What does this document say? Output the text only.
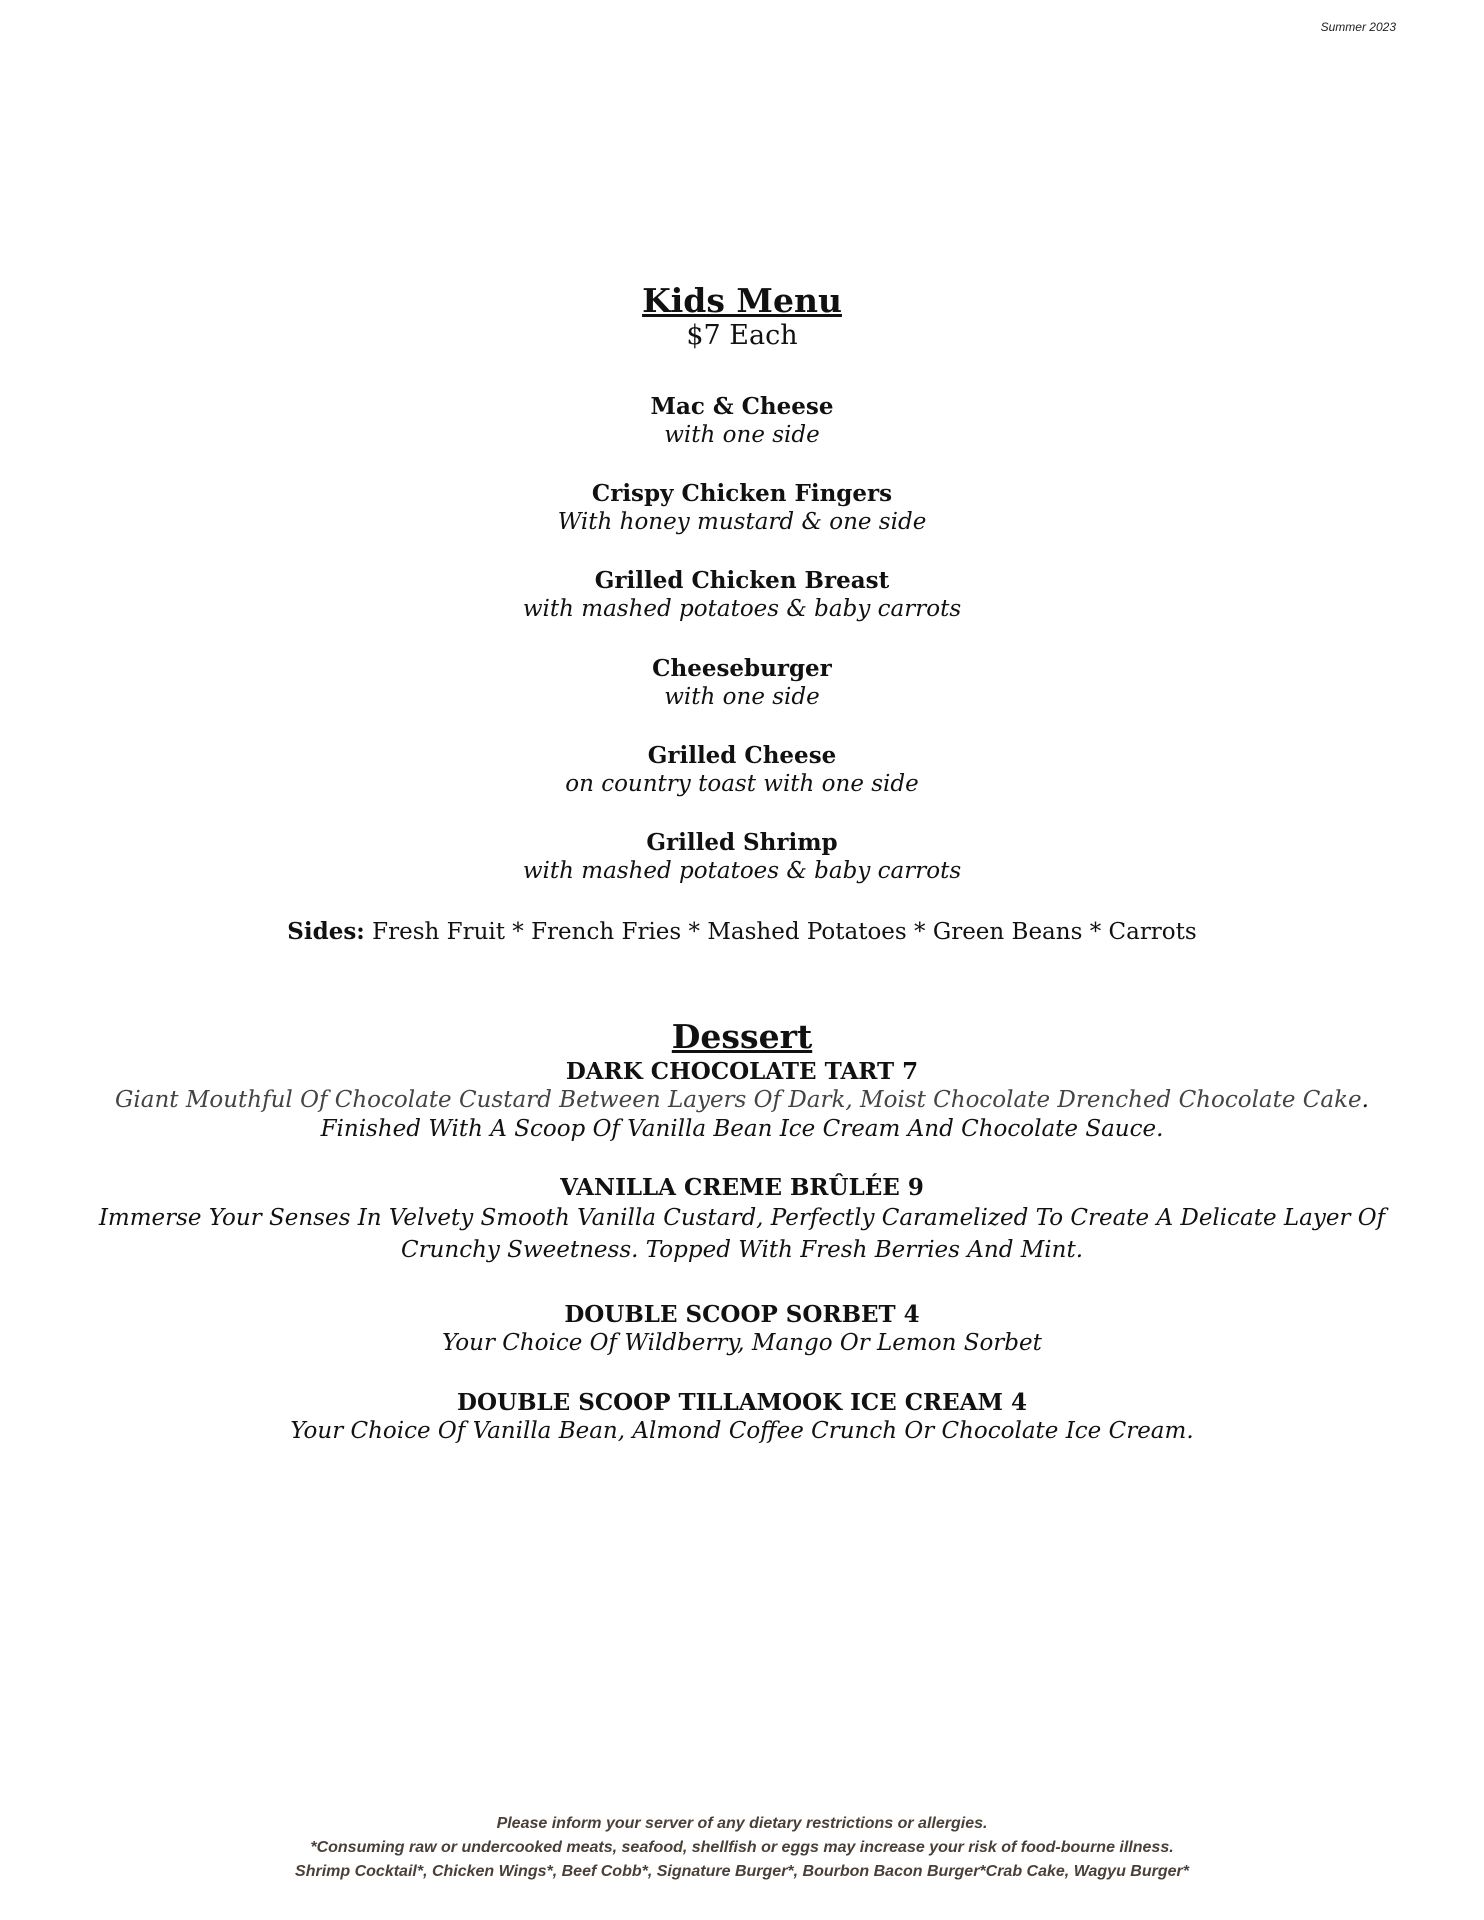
Summer 2023
Kids Menu
$7 Each
Mac & Cheese
with one side
Crispy Chicken Fingers
With honey mustard & one side
Grilled Chicken Breast
with mashed potatoes & baby carrots
Cheeseburger
with one side
Grilled Cheese
on country toast with one side
Grilled Shrimp
with mashed potatoes & baby carrots
Sides: Fresh Fruit * French Fries * Mashed Potatoes * Green Beans * Carrots
Dessert
DARK CHOCOLATE TART 7
Giant Mouthful Of Chocolate Custard Between Layers Of Dark, Moist Chocolate Drenched Chocolate Cake. Finished With A Scoop Of Vanilla Bean Ice Cream And Chocolate Sauce.
VANILLA CREME BRÛLÉE 9
Immerse Your Senses In Velvety Smooth Vanilla Custard, Perfectly Caramelized To Create A Delicate Layer Of Crunchy Sweetness. Topped With Fresh Berries And Mint.
DOUBLE SCOOP SORBET 4
Your Choice Of Wildberry, Mango Or Lemon Sorbet
DOUBLE SCOOP TILLAMOOK ICE CREAM 4
Your Choice Of Vanilla Bean, Almond Coffee Crunch Or Chocolate Ice Cream.
Please inform your server of any dietary restrictions or allergies.
*Consuming raw or undercooked meats, seafood, shellfish or eggs may increase your risk of food-bourne illness.
Shrimp Cocktail*, Chicken Wings*, Beef Cobb*, Signature Burger*, Bourbon Bacon Burger*Crab Cake, Wagyu Burger*
